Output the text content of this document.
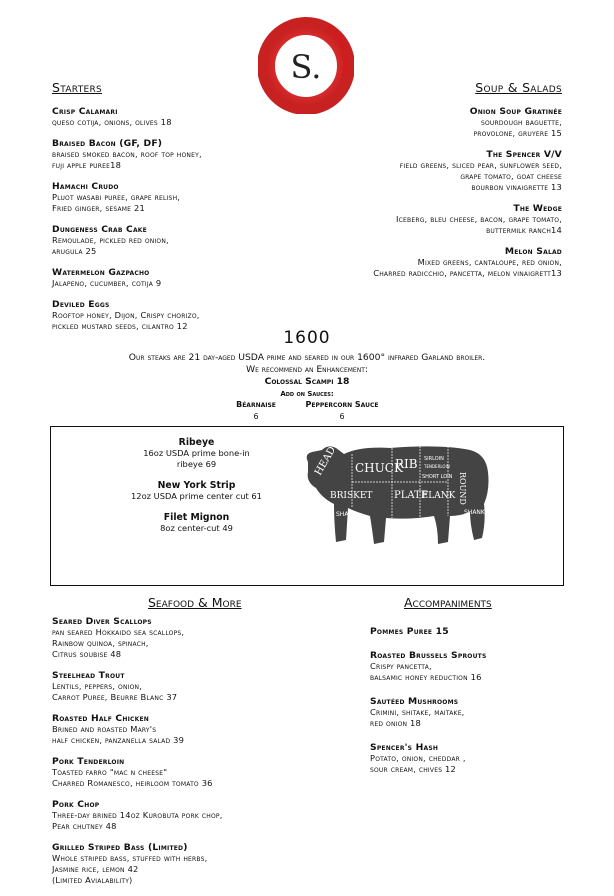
S.
Starters	Soup & Salads
Crisp Calamari
queso cotija, onions, olives 18
Braised Bacon (GF, DF)
braised smoked bacon, roof top honey,
fuji apple puree18
Hamachi Crudo
Pluot wasabi puree, grape relish,
Fried ginger, sesame 21
Dungeness Crab Cake
Remoulade, pickled red onion,
arugula 25
Watermelon Gazpacho
Jalapeno, cucumber, cotija 9
Deviled Eggs
Rooftop honey, Dijon, Crispy chorizo,
pickled mustard seeds, cilantro 12
Onion Soup Gratinée
sourdough baguette,
provolone, gruyere 15
The Spencer V/V
field greens, sliced pear, sunflower seed,
grape tomato, goat cheese
bourbon vinaigrette 13
The Wedge
Iceberg, bleu cheese, bacon, grape tomato,
buttermilk ranch14
Melon Salad
Mixed greens, cantaloupe, red onion,
Charred radicchio, pancetta, melon vinaigrett13
1600
Our steaks are 21 day-aged USDA prime and seared in our 1600° infrared Garland broiler.
We recommend an Enhancement:
Colossal Scampi 18
Add on Sauces:
Béarnaise
6
Peppercorn Sauce
6
Ribeye
16oz USDA prime bone-in
ribeye 69
New York Strip
12oz USDA prime center cut 61
Filet Mignon
8oz center-cut 49
HEAD CHUCK
RIB SIRLOIN
TENDERLOIN
ROUND
SHORT LOIN
BRISKET PLATE
FLANK
SHANK	SHANK
Seafood & More	Accompaniments
Seared Diver Scallops
pan seared Hokkaido sea scallops,
Rainbow quinoa, spinach,
Citrus soubise 48
Steelhead Trout
Lentils, peppers, onion,
Carrot Puree, Beurre Blanc 37
Roasted Half Chicken
Brined and roasted Mary's
half chicken, panzanella salad 39
Pork Tenderloin
Toasted farro "mac n cheese"
Charred Romanesco, heirloom tomato 36
Pork Chop
Three-day brined 14oz Kurobuta pork chop,
Pear chutney 48
Grilled Striped Bass (Limited)
Whole striped bass, stuffed with herbs,
Jasmine rice, lemon 42
(Limited Avialability)
Pommes Puree 15
Roasted Brussels Sprouts
Crispy pancetta,
balsamic honey reduction 16
Sautéed Mushrooms
Crimini, shitake, maitake,
red onion 18
Spencer's Hash
Potato, onion, cheddar ,
sour cream, chives 12
